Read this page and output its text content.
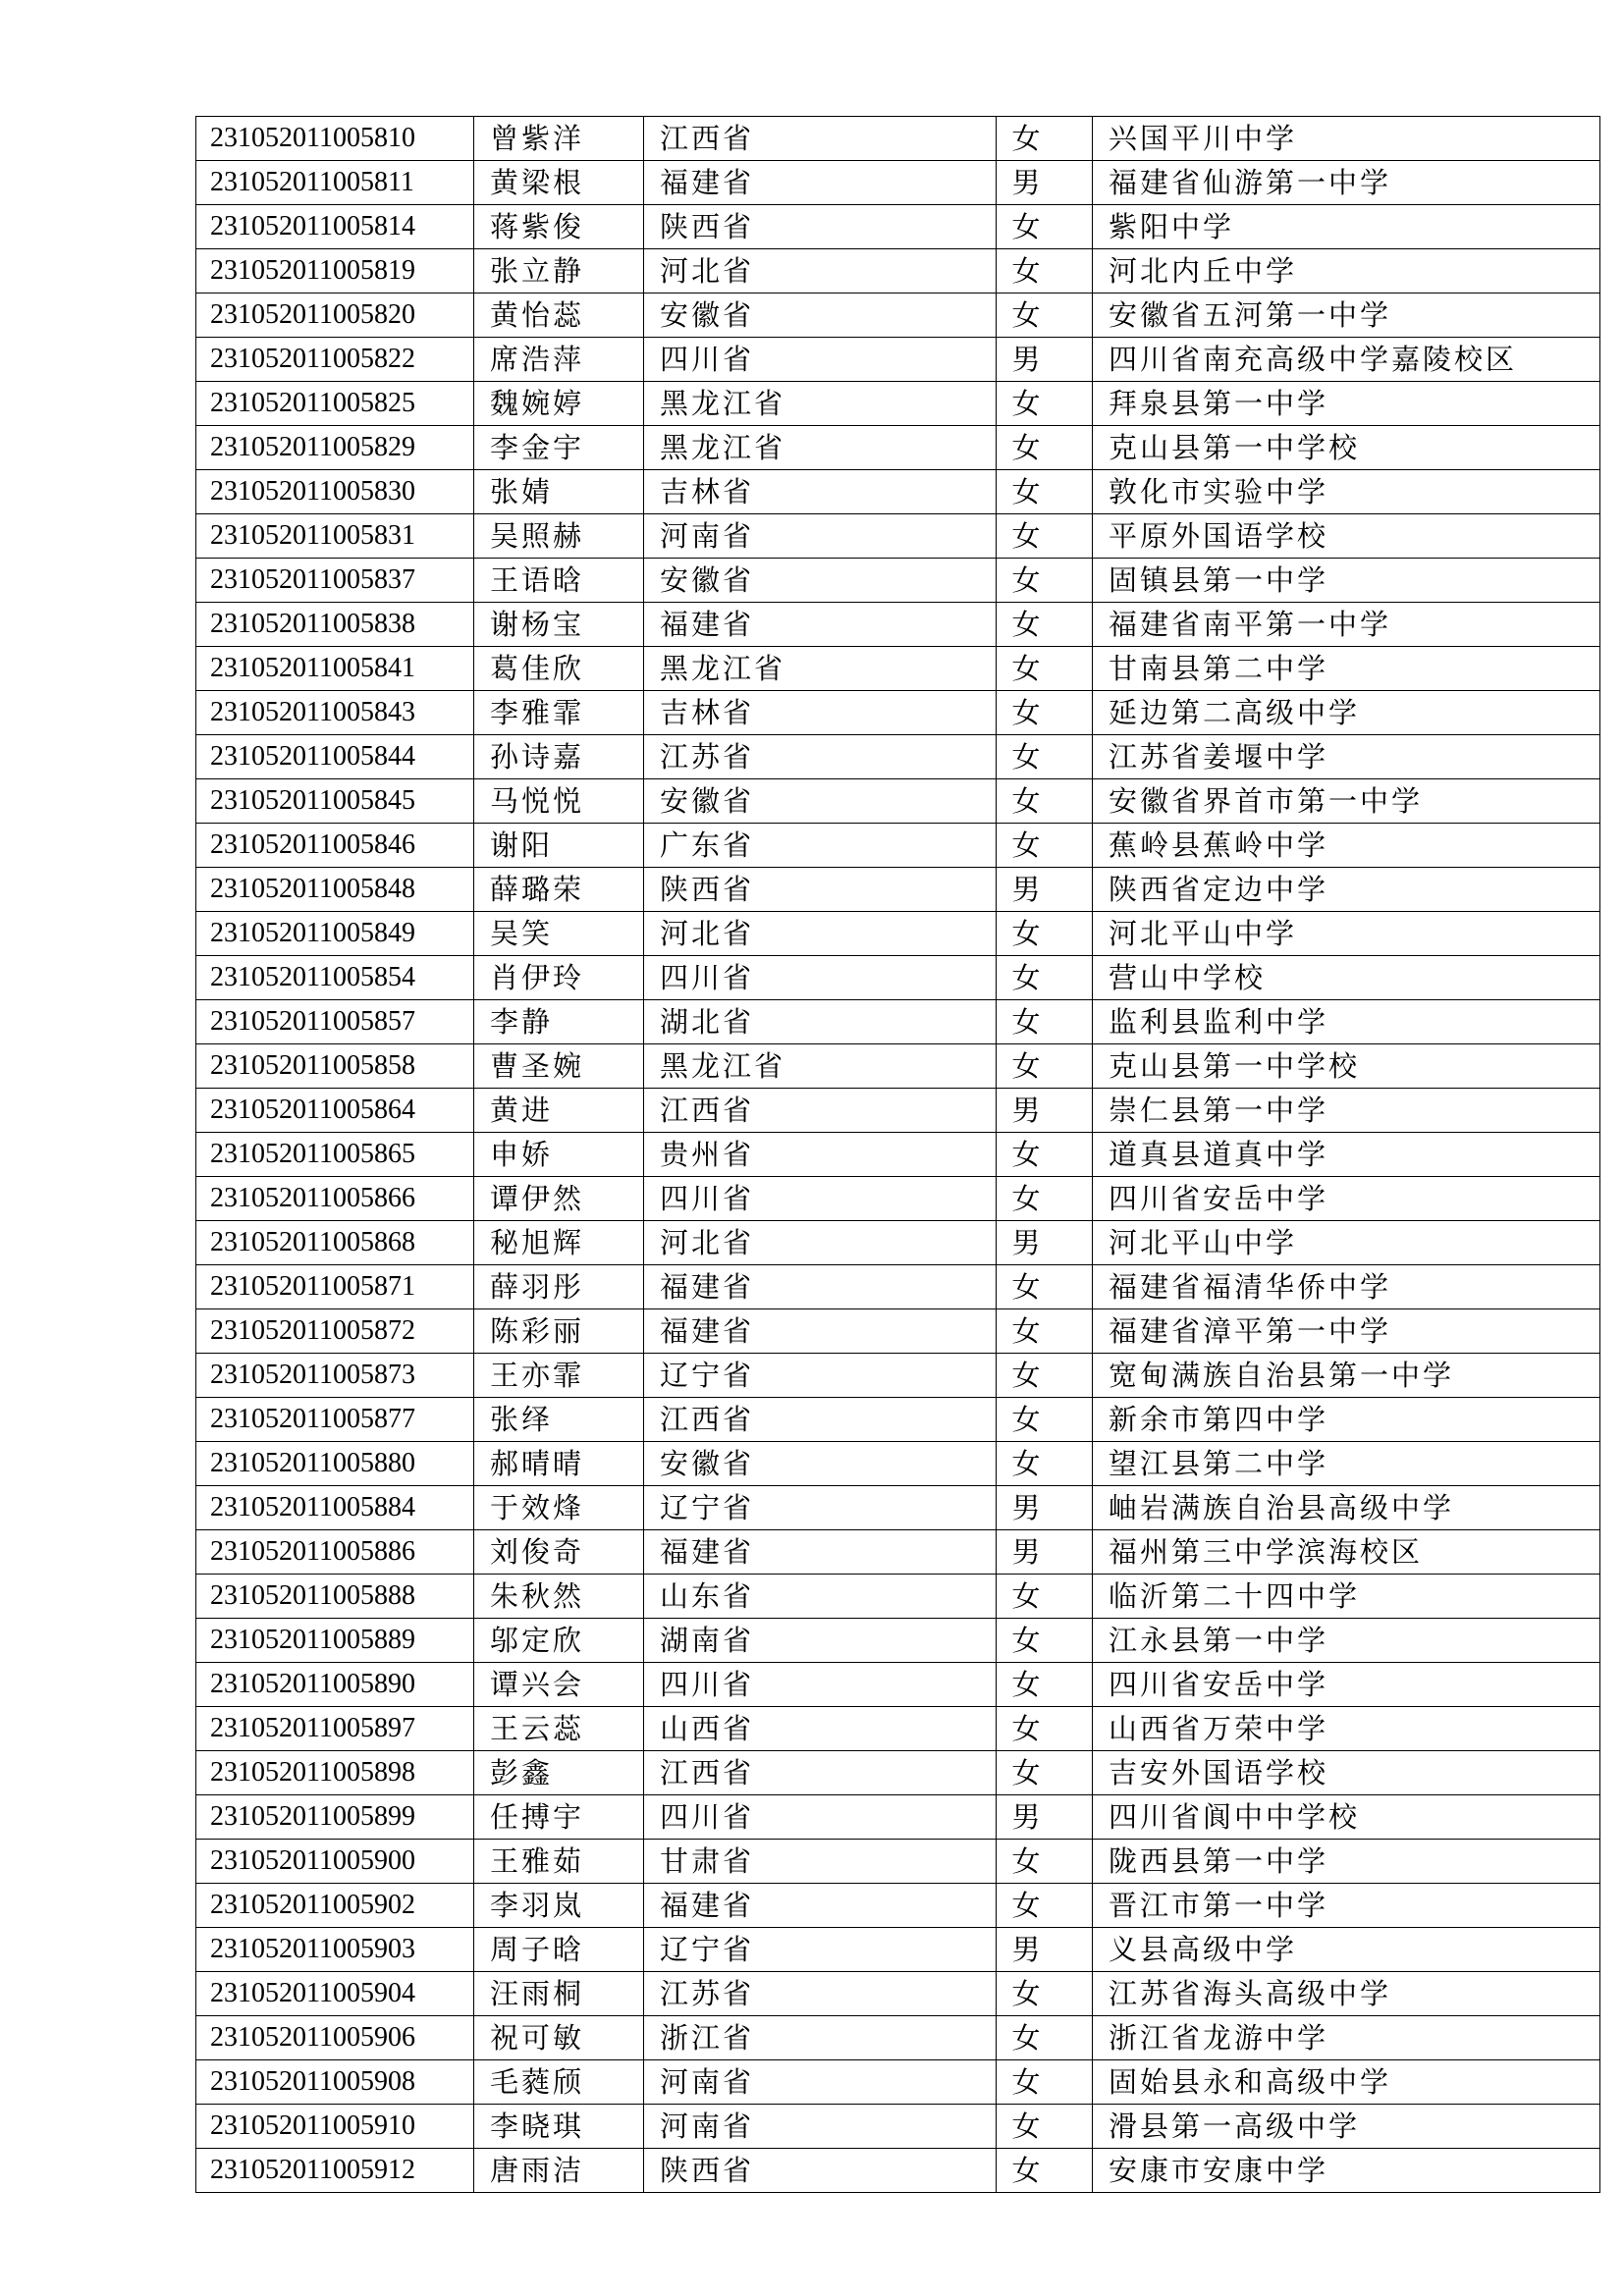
231052011005810	曾紫洋	江西省	女	兴国平川中学
231052011005811	黄梁根	福建省	男	福建省仙游第一中学
231052011005814	蒋紫俊	陕西省	女	紫阳中学
231052011005819	张立静	河北省	女	河北内丘中学
231052011005820	黄怡蕊	安徽省	女	安徽省五河第一中学
231052011005822	席浩萍	四川省	男	四川省南充高级中学嘉陵校区
231052011005825	魏婉婷	黑龙江省	女	拜泉县第一中学
231052011005829	李金宇	黑龙江省	女	克山县第一中学校
231052011005830	张婧	吉林省	女	敦化市实验中学
231052011005831	吴照赫	河南省	女	平原外国语学校
231052011005837	王语晗	安徽省	女	固镇县第一中学
231052011005838	谢杨宝	福建省	女	福建省南平第一中学
231052011005841	葛佳欣	黑龙江省	女	甘南县第二中学
231052011005843	李雅霏	吉林省	女	延边第二高级中学
231052011005844	孙诗嘉	江苏省	女	江苏省姜堰中学
231052011005845	马悦悦	安徽省	女	安徽省界首市第一中学
231052011005846	谢阳	广东省	女	蕉岭县蕉岭中学
231052011005848	薛璐荣	陕西省	男	陕西省定边中学
231052011005849	吴笑	河北省	女	河北平山中学
231052011005854	肖伊玲	四川省	女	营山中学校
231052011005857	李静	湖北省	女	监利县监利中学
231052011005858	曹圣婉	黑龙江省	女	克山县第一中学校
231052011005864	黄进	江西省	男	崇仁县第一中学
231052011005865	申娇	贵州省	女	道真县道真中学
231052011005866	谭伊然	四川省	女	四川省安岳中学
231052011005868	秘旭辉	河北省	男	河北平山中学
231052011005871	薛羽彤	福建省	女	福建省福清华侨中学
231052011005872	陈彩丽	福建省	女	福建省漳平第一中学
231052011005873	王亦霏	辽宁省	女	宽甸满族自治县第一中学
231052011005877	张绎	江西省	女	新余市第四中学
231052011005880	郝晴晴	安徽省	女	望江县第二中学
231052011005884	于效烽	辽宁省	男	岫岩满族自治县高级中学
231052011005886	刘俊奇	福建省	男	福州第三中学滨海校区
231052011005888	朱秋然	山东省	女	临沂第二十四中学
231052011005889	邬定欣	湖南省	女	江永县第一中学
231052011005890	谭兴会	四川省	女	四川省安岳中学
231052011005897	王云蕊	山西省	女	山西省万荣中学
231052011005898	彭鑫	江西省	女	吉安外国语学校
231052011005899	任搏宇	四川省	男	四川省阆中中学校
231052011005900	王雅茹	甘肃省	女	陇西县第一中学
231052011005902	李羽岚	福建省	女	晋江市第一中学
231052011005903	周子晗	辽宁省	男	义县高级中学
231052011005904	汪雨桐	江苏省	女	江苏省海头高级中学
231052011005906	祝可敏	浙江省	女	浙江省龙游中学
231052011005908	毛蕤颀	河南省	女	固始县永和高级中学
231052011005910	李晓琪	河南省	女	滑县第一高级中学
231052011005912	唐雨洁	陕西省	女	安康市安康中学
